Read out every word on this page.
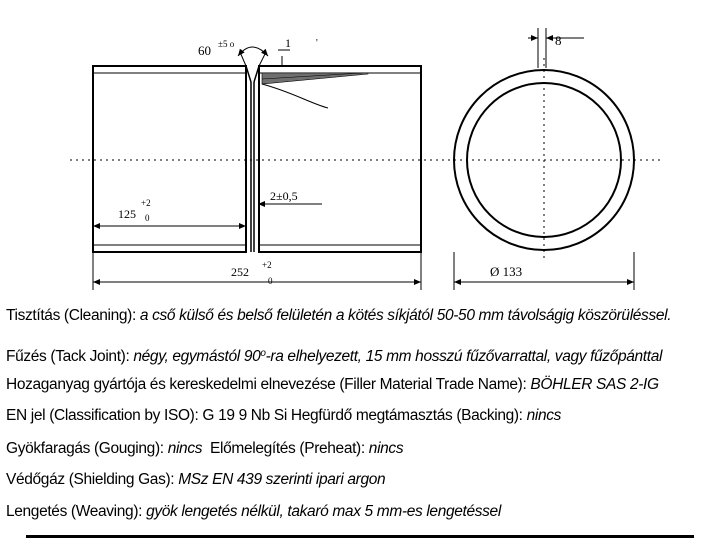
60 ±5 o	1	'
125
+2
0
2±0,5
252 +2
0
8
Ø 133
Tisztítás (Cleaning): a cső külső és belső felületén a kötés síkjától 50-50 mm távolságig köszörüléssel.
Fűzés (Tack Joint): négy, egymástól 90$^o$-ra elhelyezett, 15 mm hosszú fűzővarrattal, vagy fűzőpánttal
Hozaganyag gyártója és kereskedelmi elnevezése (Filler Material Trade Name): BÖHLER SAS 2-IG
EN jel (Classification by ISO): G 19 9 Nb Si Hegfürdő megtámasztás (Backing): nincs
Gyökfaragás (Gouging): nincs Előmelegítés (Preheat): nincs
Védőgáz (Shielding Gas): MSz EN 439 szerinti ipari argon
Lengetés (Weaving): gyök lengetés nélkül, takaró max 5 mm-es lengetéssel
